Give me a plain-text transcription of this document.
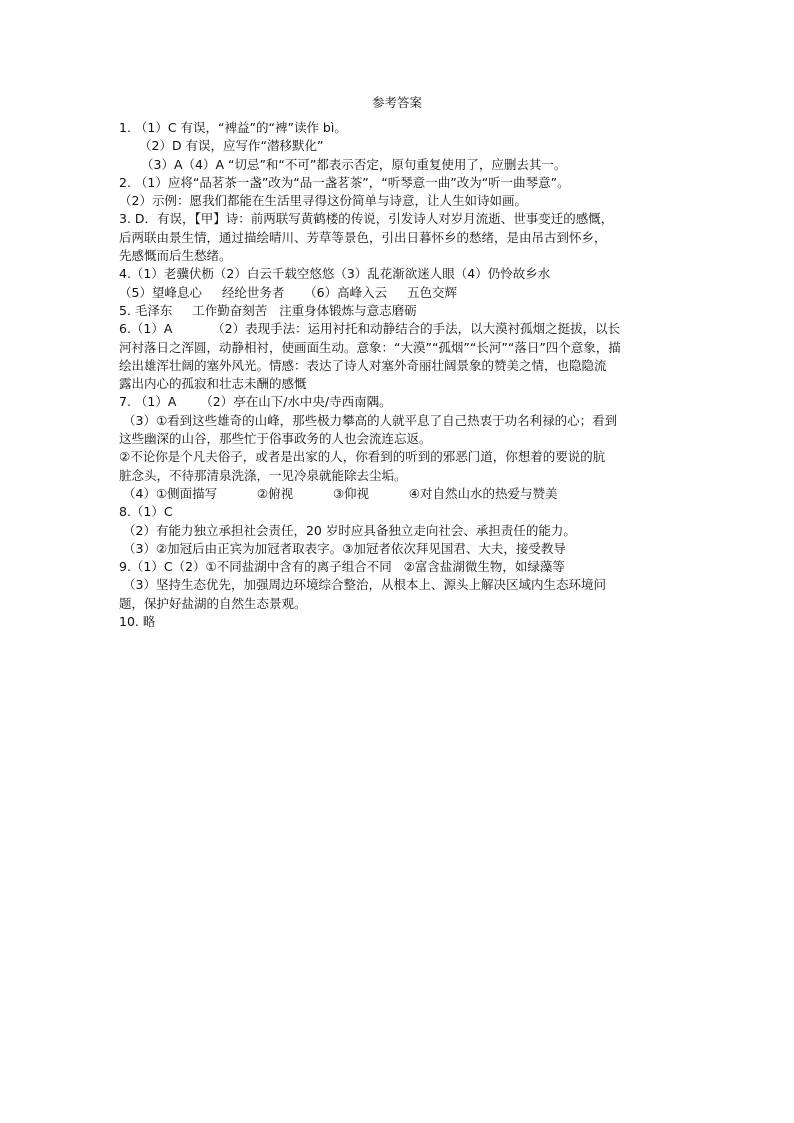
参考答案
1. （1）C 有误，“裨益”的“裨”读作 bì。
（2）D 有误，应写作“潜移默化”
（3）A（4）A “切忌”和“不可”都表示否定，原句重复使用了，应删去其一。
2. （1）应将“品茗茶一盏”改为“品一盏茗茶”，“听琴意一曲”改为“听一曲琴意”。
（2）示例：愿我们都能在生活里寻得这份简单与诗意，让人生如诗如画。
3. D．有误，【甲】诗：前两联写黄鹤楼的传说，引发诗人对岁月流逝、世事变迁的感慨，
后两联由景生情，通过描绘晴川、芳草等景色，引出日暮怀乡的愁绪，是由吊古到怀乡，
先感慨而后生愁绪。
4.（1）老骥伏枥（2）白云千载空悠悠（3）乱花渐欲迷人眼（4）仍怜故乡水
（5）望峰息心     经纶世务者     （6）高峰入云     五色交辉
5. 毛泽东     工作勤奋刻苦   注重身体锻炼与意志磨砺
6.（1）A          （2）表现手法：运用衬托和动静结合的手法，以大漠衬孤烟之挺拔，以长
河衬落日之浑圆，动静相衬，使画面生动。意象：“大漠”“孤烟”“长河”“落日”四个意象，描
绘出雄浑壮阔的塞外风光。情感：表达了诗人对塞外奇丽壮阔景象的赞美之情，也隐隐流
露出内心的孤寂和壮志未酬的感慨
7. （1）A      （2）亭在山下/水中央/寺西南隅。
（3）①看到这些雄奇的山峰，那些极力攀高的人就平息了自己热衷于功名利禄的心；看到
这些幽深的山谷，那些忙于俗事政务的人也会流连忘返。
②不论你是个凡夫俗子，或者是出家的人，你看到的听到的邪恶门道，你想着的要说的肮
脏念头，不待那清泉洗涤，一见冷泉就能除去尘垢。
（4）①侧面描写          ②俯视          ③仰视          ④对自然山水的热爱与赞美
8.（1）C
（2）有能力独立承担社会责任，20 岁时应具备独立走向社会、承担责任的能力。
（3）②加冠后由正宾为加冠者取表字。③加冠者依次拜见国君、大夫，接受教导
9.（1）C（2）①不同盐湖中含有的离子组合不同   ②富含盐湖微生物，如绿藻等
（3）坚持生态优先，加强周边环境综合整治，从根本上、源头上解决区域内生态环境问
题，保护好盐湖的自然生态景观。
10. 略
